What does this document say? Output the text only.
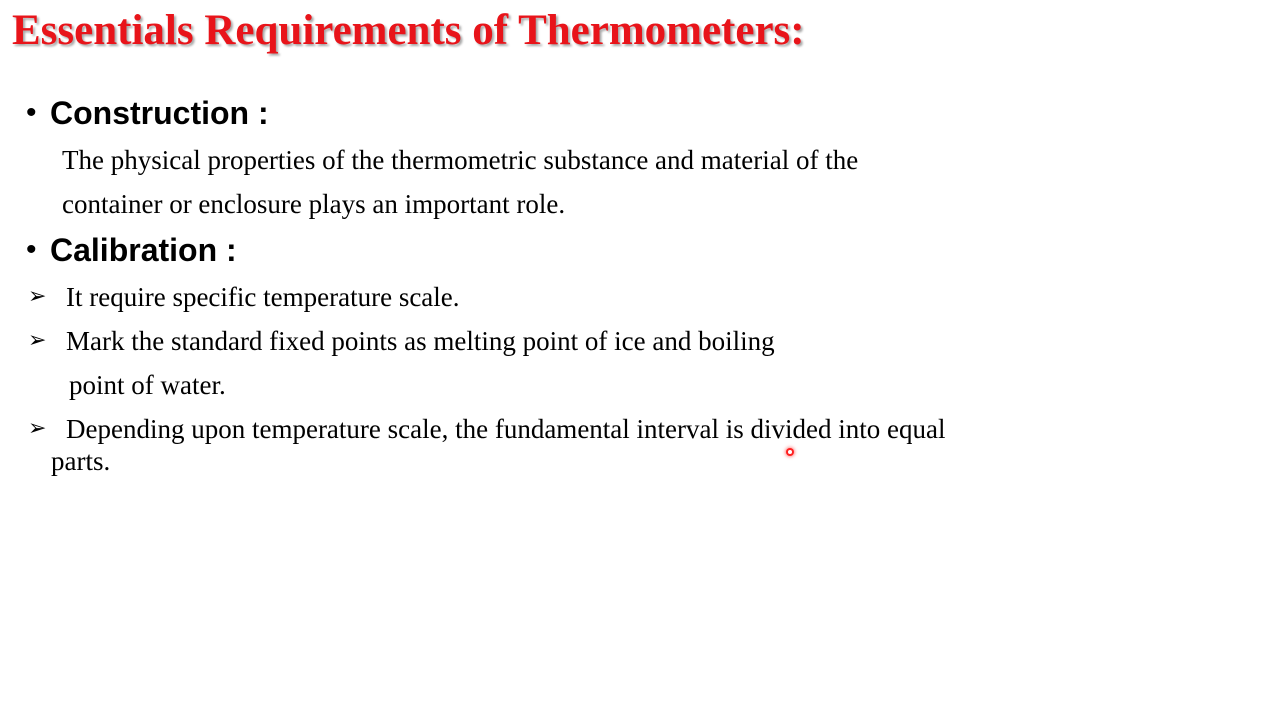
Essentials Requirements of Thermometers:
• Construction :
The physical properties of the thermometric substance and material of the
container or enclosure plays an important role.
• Calibration :
➢ It require specific temperature scale.
➢ Mark the standard fixed points as melting point of ice and boiling
point of water.
➢ Depending upon temperature scale, the fundamental interval is divided into equal
parts.
